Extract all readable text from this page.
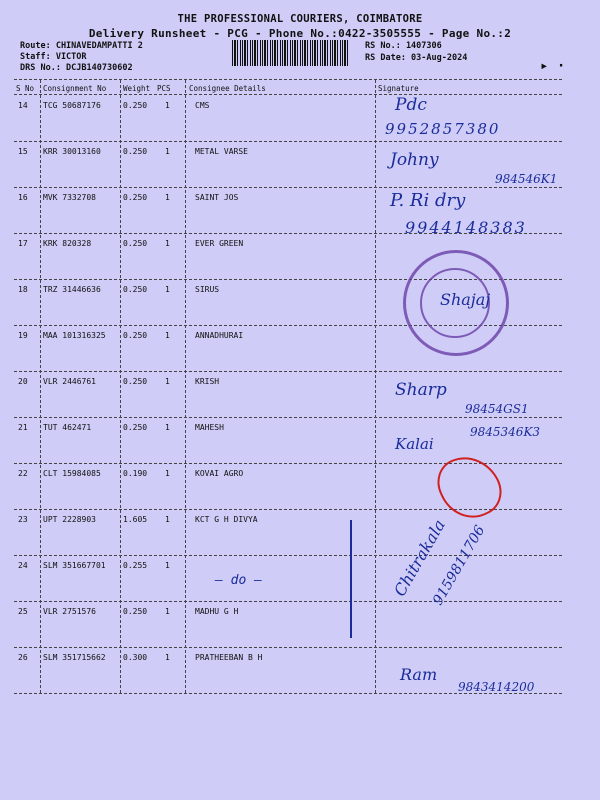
THE PROFESSIONAL COURIERS, COIMBATORE
Delivery Runsheet - PCG - Phone No.:0422-3505555 - Page No.:2
Route: CHINAVEDAMPATTI 2
Staff: VICTOR
DRS No.: DCJB140730602
RS No.: 1407306
RS Date: 03-Aug-2024	▸ ·
S No Consignment No Weight PCS Consignee Details	Signature
14 TCG 50687176	0.250 1	CMS
15 KRR 30013160	0.250 1	METAL VARSE
16 MVK 7332708	0.250 1	SAINT JOS
17 KRK 820328	0.250 1	EVER GREEN
18 TRZ 31446636	0.250 1	SIRUS
19 MAA 101316325 0.250 1	ANNADHURAI
20 VLR 2446761	0.250 1	KRISH
21 TUT 462471	0.250 1	MAHESH
22 CLT 15984085	0.190 1	KOVAI AGRO
23 UPT 2228903	1.605 1	KCT G H DIVYA
24 SLM 351667701 0.255 1
— do —
25 VLR 2751576	0.250 1	MADHU G H
26 SLM 351715662 0.300 1	PRATHEEBAN B H
Pdc
9952857380
Johny
984546K1
P. Ri dry
9944148383
Shajaj
Sharp
98454GS1
Kalai
9845346K3
Chitrakala
9159811706
Ram
9843414200
